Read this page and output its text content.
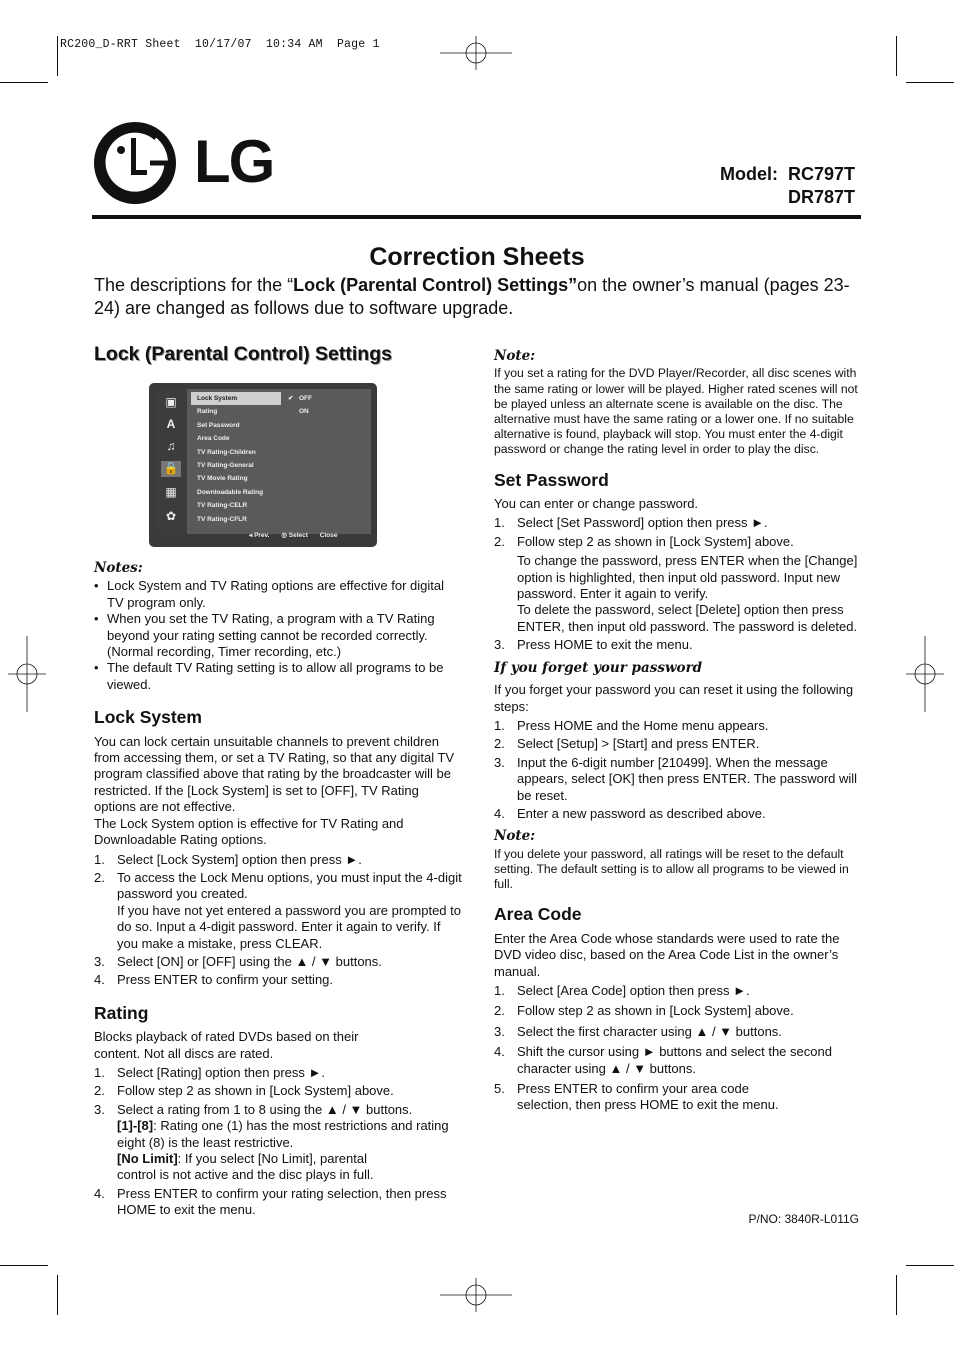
RC200_D-RRT Sheet  10/17/07  10:34 AM  Page 1
LG	Model:  RC797T
DR787T
Correction Sheets
The descriptions for the “Lock (Parental Control) Settings”on the owner’s manual (pages 23-24) are changed as follows due to software upgrade.
Lock (Parental Control) Settings
▣
A
♫
🔒
▦
✿
Lock System
Rating
Set Password
Area Code
TV Rating-Children
TV Rating-General
TV Movie Rating
Downloadable Rating
TV Rating-CELR
TV Rating-CFLR
✔ OFF
ON
◂ Prev. ◎ Select Close
Notes:
• Lock System and TV Rating options are effective for digital TV program only.
• When you set the TV Rating, a program with a TV Rating beyond your rating setting cannot be recorded correctly. (Normal recording, Timer recording, etc.)
• The default TV Rating setting is to allow all programs to be viewed.
Lock System

You can lock certain unsuitable channels to prevent children from accessing them, or set a TV Rating, so that any digital TV program classified above that rating by the broadcaster will be restricted. If the [Lock System] is set to [OFF], TV Rating options are not effective.

The Lock System option is effective for TV Rating and Downloadable Rating options.

1. Select [Lock System] option then press ►.
2. To access the Lock Menu options, you must input the 4-digit password you created.
If you have not yet entered a password you are prompted to do so. Input a 4-digit password. Enter it again to verify. If you make a mistake, press CLEAR.
3. Select [ON] or [OFF] using the ▲ / ▼ buttons.
4. Press ENTER to confirm your setting.
Rating

Blocks playback of rated DVDs based on their content. Not all discs are rated.

1. Select [Rating] option then press ►.
2. Follow step 2 as shown in [Lock System] above.
3. Select a rating from 1 to 8 using the ▲ / ▼ buttons.
[1]-[8]: Rating one (1) has the most restrictions and rating eight (8) is the least restrictive.
[No Limit]: If you select [No Limit], parental control is not active and the disc plays in full.
4. Press ENTER to confirm your rating selection, then press HOME to exit the menu.
Note:

If you set a rating for the DVD Player/Recorder, all disc scenes with the same rating or lower will be played. Higher rated scenes will not be played unless an alternate scene is available on the disc. The alternative must have the same rating or a lower one. If no suitable alternative is found, playback will stop. You must enter the 4-digit password or change the rating level in order to play the disc.

Set Password

You can enter or change password.

1. Select [Set Password] option then press ►.
2. Follow step 2 as shown in [Lock System] above.
To change the password, press ENTER when the [Change] option is highlighted, then input old password. Input new password. Enter it again to verify.
To delete the password, select [Delete] option then press ENTER, then input old password. The password is deleted.
3. Press HOME to exit the menu.
If you forget your password

If you forget your password you can reset it using the following steps:

1. Press HOME and the Home menu appears.
2. Select [Setup] > [Start] and press ENTER.
3. Input the 6-digit number [210499]. When the message appears, select [OK] then press ENTER. The password will be reset.
4. Enter a new password as described above.
Note:

If you delete your password, all ratings will be reset to the default setting. The default setting is to allow all programs to be viewed in full.

Area Code

Enter the Area Code whose standards were used to rate the DVD video disc, based on the Area Code List in the owner’s manual.

1. Select [Area Code] option then press ►.
2. Follow step 2 as shown in [Lock System] above.
3. Select the first character using ▲ / ▼ buttons.
4. Shift the cursor using ► buttons and select the second character using ▲ / ▼ buttons.
5. Press ENTER to confirm your area code selection, then press HOME to exit the menu.
P/NO: 3840R-L011G
